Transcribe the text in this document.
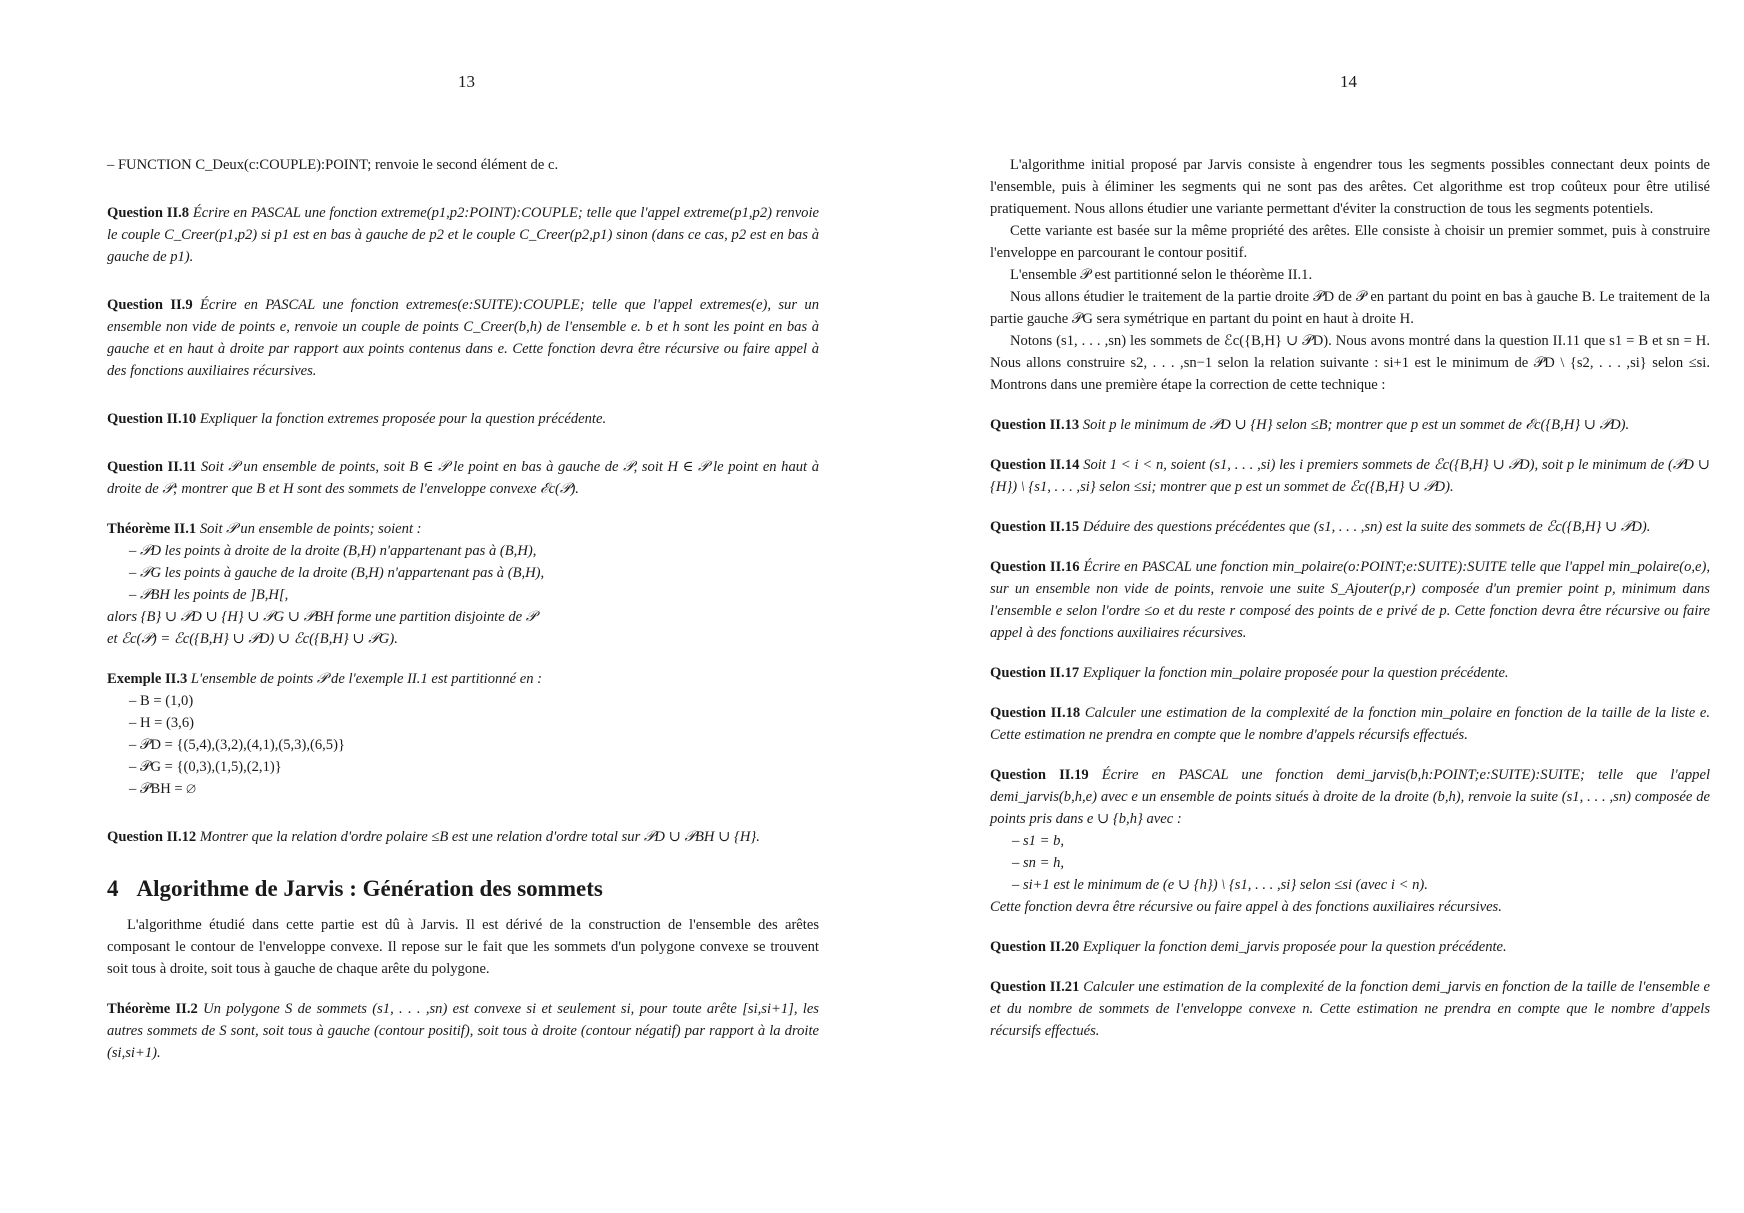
13

– FUNCTION C_Deux(c:COUPLE):POINT; renvoie le second élément de c.

Question II.8 Écrire en PASCAL une fonction extreme(p1,p2:POINT):COUPLE; telle que l'appel extreme(p1,p2) renvoie le couple C_Creer(p1,p2) si p1 est en bas à gauche de p2 et le couple C_Creer(p2,p1) sinon (dans ce cas, p2 est en bas à gauche de p1).

Question II.9 Écrire en PASCAL une fonction extremes(e:SUITE):COUPLE; telle que l'appel extremes(e), sur un ensemble non vide de points e, renvoie un couple de points C_Creer(b,h) de l'ensemble e. b et h sont les point en bas à gauche et en haut à droite par rapport aux points contenus dans e. Cette fonction devra être récursive ou faire appel à des fonctions auxiliaires récursives.

Question II.10 Expliquer la fonction extremes proposée pour la question précédente.

Question II.11 Soit 𝒫 un ensemble de points, soit B ∈ 𝒫 le point en bas à gauche de 𝒫, soit H ∈ 𝒫 le point en haut à droite de 𝒫; montrer que B et H sont des sommets de l'enveloppe convexe ℰc(𝒫).

Théorème II.1 Soit 𝒫 un ensemble de points; soient :

– 𝒫D les points à droite de la droite (B,H) n'appartenant pas à (B,H),
– 𝒫G les points à gauche de la droite (B,H) n'appartenant pas à (B,H),
– 𝒫BH les points de ]B,H[,

alors {B} ∪ 𝒫D ∪ {H} ∪ 𝒫G ∪ 𝒫BH forme une partition disjointe de 𝒫

et ℰc(𝒫) = ℰc({B,H} ∪ 𝒫D) ∪ ℰc({B,H} ∪ 𝒫G).

Exemple II.3 L'ensemble de points 𝒫 de l'exemple II.1 est partitionné en :

– B = (1,0)
– H = (3,6)
– 𝒫D = {(5,4),(3,2),(4,1),(5,3),(6,5)}
– 𝒫G = {(0,3),(1,5),(2,1)}
– 𝒫BH = ∅

Question II.12 Montrer que la relation d'ordre polaire ≤B est une relation d'ordre total sur 𝒫D ∪ 𝒫BH ∪ {H}.

4 Algorithme de Jarvis : Génération des sommets

L'algorithme étudié dans cette partie est dû à Jarvis. Il est dérivé de la construction de l'ensemble des arêtes composant le contour de l'enveloppe convexe. Il repose sur le fait que les sommets d'un polygone convexe se trouvent soit tous à droite, soit tous à gauche de chaque arête du polygone.

Théorème II.2 Un polygone S de sommets (s1, . . . ,sn) est convexe si et seulement si, pour toute arête [si,si+1], les autres sommets de S sont, soit tous à gauche (contour positif), soit tous à droite (contour négatif) par rapport à la droite (si,si+1).

14

L'algorithme initial proposé par Jarvis consiste à engendrer tous les segments possibles connectant deux points de l'ensemble, puis à éliminer les segments qui ne sont pas des arêtes. Cet algorithme est trop coûteux pour être utilisé pratiquement. Nous allons étudier une variante permettant d'éviter la construction de tous les segments potentiels.

Cette variante est basée sur la même propriété des arêtes. Elle consiste à choisir un premier sommet, puis à construire l'enveloppe en parcourant le contour positif.

L'ensemble 𝒫 est partitionné selon le théorème II.1.

Nous allons étudier le traitement de la partie droite 𝒫D de 𝒫 en partant du point en bas à gauche B. Le traitement de la partie gauche 𝒫G sera symétrique en partant du point en haut à droite H.

Notons (s1, . . . ,sn) les sommets de ℰc({B,H} ∪ 𝒫D). Nous avons montré dans la question II.11 que s1 = B et sn = H. Nous allons construire s2, . . . ,sn−1 selon la relation suivante : si+1 est le minimum de 𝒫D \ {s2, . . . ,si} selon ≤si. Montrons dans une première étape la correction de cette technique :

Question II.13 Soit p le minimum de 𝒫D ∪ {H} selon ≤B; montrer que p est un sommet de ℰc({B,H} ∪ 𝒫D).

Question II.14 Soit 1 < i < n, soient (s1, . . . ,si) les i premiers sommets de ℰc({B,H} ∪ 𝒫D), soit p le minimum de (𝒫D ∪ {H}) \ {s1, . . . ,si} selon ≤si; montrer que p est un sommet de ℰc({B,H} ∪ 𝒫D).

Question II.15 Déduire des questions précédentes que (s1, . . . ,sn) est la suite des sommets de ℰc({B,H} ∪ 𝒫D).

Question II.16 Écrire en PASCAL une fonction min_polaire(o:POINT;e:SUITE):SUITE telle que l'appel min_polaire(o,e), sur un ensemble non vide de points, renvoie une suite S_Ajouter(p,r) composée d'un premier point p, minimum dans l'ensemble e selon l'ordre ≤o et du reste r composé des points de e privé de p. Cette fonction devra être récursive ou faire appel à des fonctions auxiliaires récursives.

Question II.17 Expliquer la fonction min_polaire proposée pour la question précédente.

Question II.18 Calculer une estimation de la complexité de la fonction min_polaire en fonction de la taille de la liste e. Cette estimation ne prendra en compte que le nombre d'appels récursifs effectués.

Question II.19 Écrire en PASCAL une fonction demi_jarvis(b,h:POINT;e:SUITE):SUITE; telle que l'appel demi_jarvis(b,h,e) avec e un ensemble de points situés à droite de la droite (b,h), renvoie la suite (s1, . . . ,sn) composée de points pris dans e ∪ {b,h} avec :

– s1 = b,
– sn = h,
– si+1 est le minimum de (e ∪ {h}) \ {s1, . . . ,si} selon ≤si (avec i < n).

Cette fonction devra être récursive ou faire appel à des fonctions auxiliaires récursives.

Question II.20 Expliquer la fonction demi_jarvis proposée pour la question précédente.

Question II.21 Calculer une estimation de la complexité de la fonction demi_jarvis en fonction de la taille de l'ensemble e et du nombre de sommets de l'enveloppe convexe n. Cette estimation ne prendra en compte que le nombre d'appels récursifs effectués.
